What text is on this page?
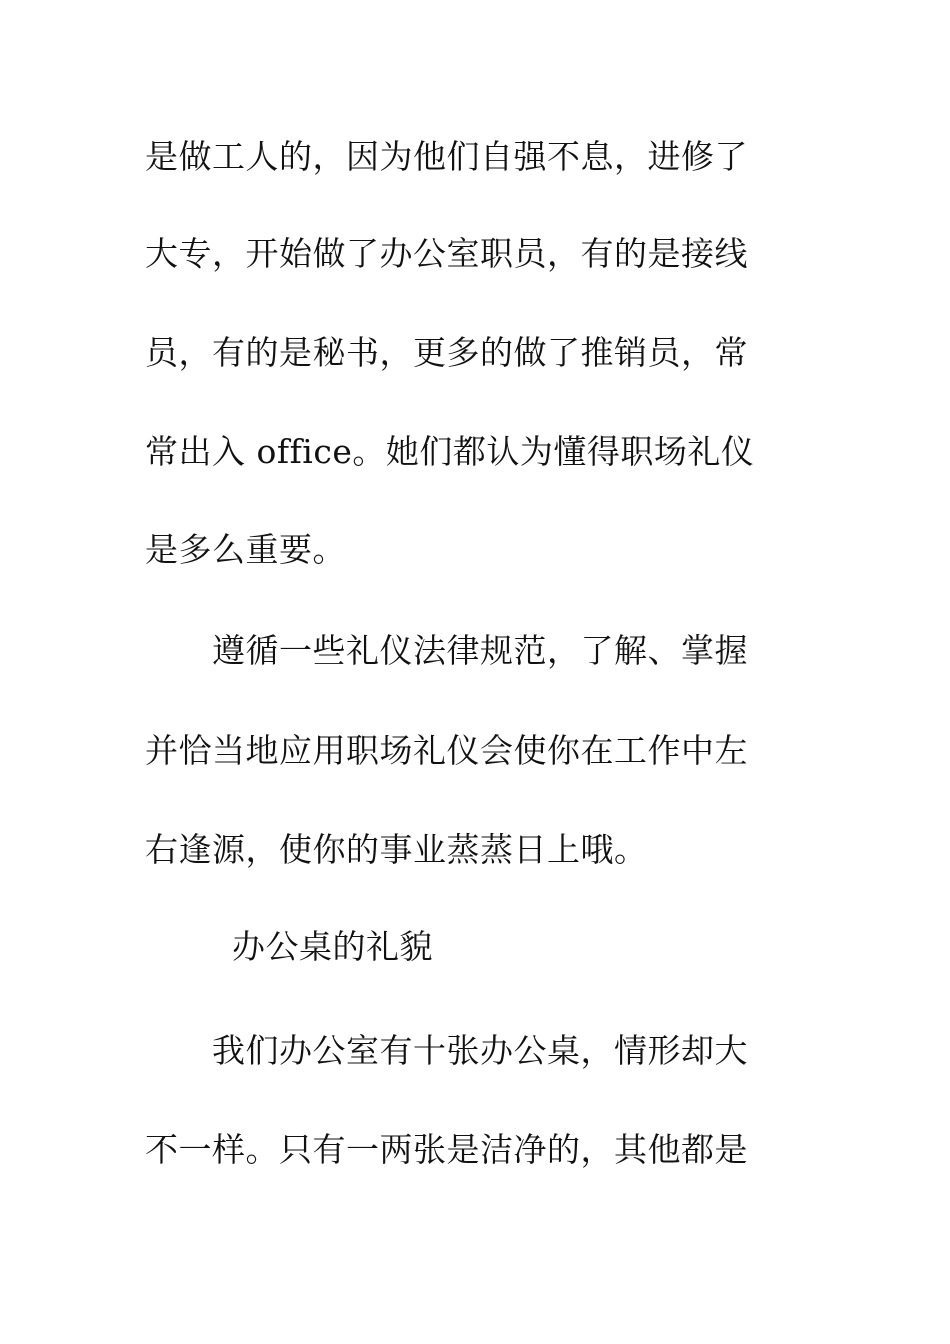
是做工人的，因为他们自强不息，进修了
大专，开始做了办公室职员，有的是接线
员，有的是秘书，更多的做了推销员，常
常出入 office。她们都认为懂得职场礼仪
是多么重要。
　　遵循一些礼仪法律规范，了解、掌握
并恰当地应用职场礼仪会使你在工作中左
右逢源，使你的事业蒸蒸日上哦。
办公桌的礼貌
　　我们办公室有十张办公桌，情形却大
不一样。只有一两张是洁净的，其他都是
